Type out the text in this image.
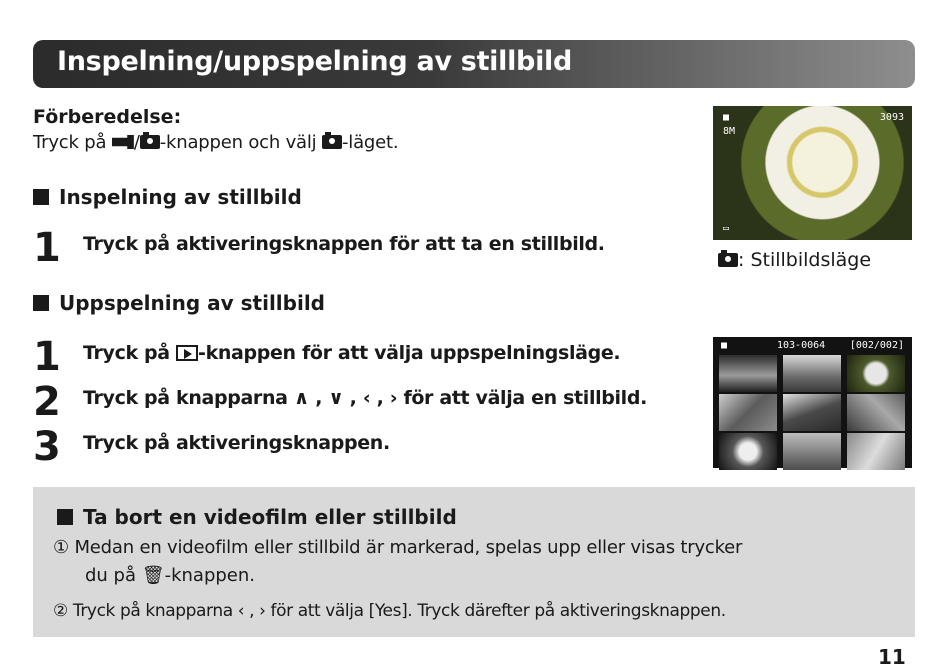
Inspelning/uppspelning av stillbild
Förberedelse:
Tryck på / -knappen och välj -läget.
Inspelning av stillbild
1 Tryck på aktiveringsknappen för att ta en stillbild.
Uppspelning av stillbild
1 Tryck på -knappen för att välja uppspelningsläge.
2 Tryck på knapparna ∧ , ∨ , ‹ , › för att välja en stillbild.
3 Tryck på aktiveringsknappen.
■
8M
3093
▭
: Stillbildsläge
■	103-0064 [002/002]
Ta bort en videofilm eller stillbild
① Medan en videofilm eller stillbild är markerad, spelas upp eller visas trycker
du på 🗑-knappen.
② Tryck på knapparna ‹ , › för att välja [Yes]. Tryck därefter på aktiveringsknappen.
11
